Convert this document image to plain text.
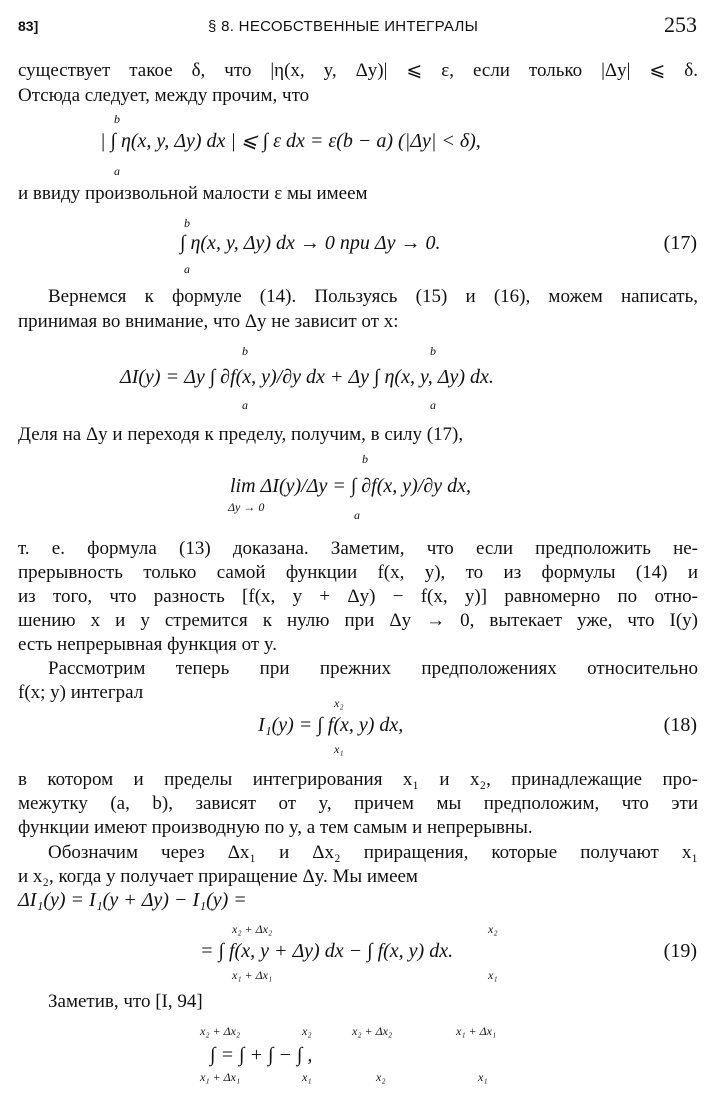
83]	§ 8. НЕСОБСТВЕННЫЕ ИНТЕГРАЛЫ	253
существует такое δ, что |η(x, y, Δy)| ⩽ ε, если только |Δy| ⩽ δ.
Отсюда следует, между прочим, что
| ∫ η(x, y, Δy) dx | ⩽ ∫ ε dx = ε(b − a) (|Δy| < δ),
b
a
и ввиду произвольной малости ε мы имеем
∫ η(x, y, Δy) dx → 0 при Δy → 0.
b
a
(17)
Вернемся к формуле (14). Пользуясь (15) и (16), можем написать,
принимая во внимание, что Δy не зависит от x:
ΔI(y) = Δy ∫ ∂f(x, y)/∂y dx + Δy ∫ η(x, y, Δy) dx.
b
a
b
a
Деля на Δy и переходя к пределу, получим, в силу (17),
lim ΔI(y)/Δy = ∫ ∂f(x, y)/∂y dx,
Δy → 0
b
a
т. е. формула (13) доказана. Заметим, что если предположить не-
прерывность только самой функции f(x, y), то из формулы (14) и
из того, что разность [f(x, y + Δy) − f(x, y)] равномерно по отно-
шению x и y стремится к нулю при Δy → 0, вытекает уже, что I(y)
есть непрерывная функция от y.
Рассмотрим теперь при прежних предположениях относительно
f(x; y) интеграл
I₁(y) = ∫ f(x, y) dx,
x₂
x₁
(18)
в котором и пределы интегрирования x₁ и x₂, принадлежащие про-
межутку (a, b), зависят от y, причем мы предположим, что эти
функции имеют производную по y, а тем самым и непрерывны.
Обозначим через Δx₁ и Δx₂ приращения, которые получают x₁
и x₂, когда y получает приращение Δy. Мы имеем
ΔI₁(y) = I₁(y + Δy) − I₁(y) =
= ∫ f(x, y + Δy) dx − ∫ f(x, y) dx.
x₂ + Δx₂
x₁ + Δx₁
x₂
x₁
(19)
Заметив, что [I, 94]
∫ = ∫ + ∫ − ∫ ,
x₂ + Δx₂
x₁ + Δx₁
x₂
x₁
x₂ + Δx₂
x₂
x₁ + Δx₁
x₁
